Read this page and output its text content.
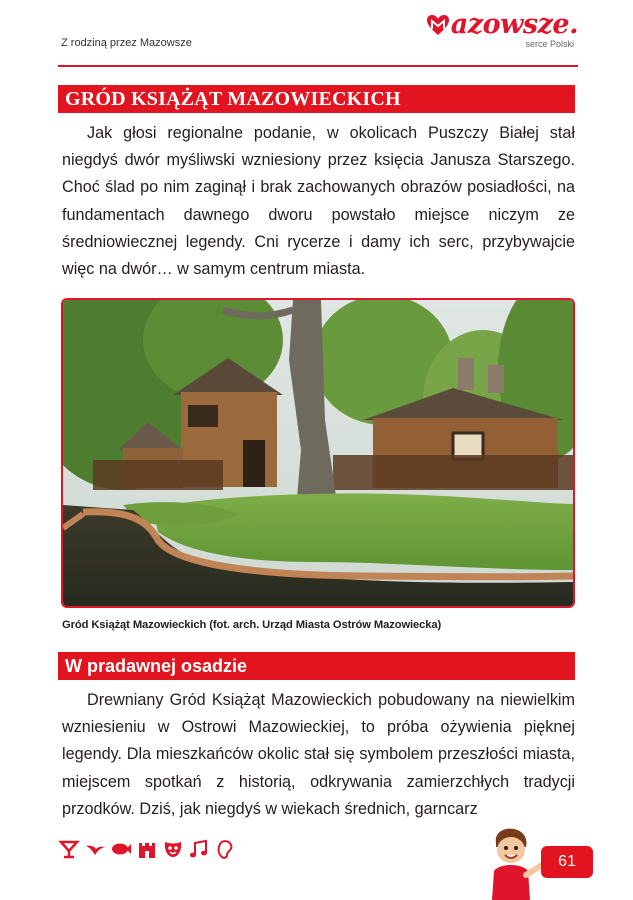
Z rodziną przez Mazowsze
azowsze.
serce Polski
GRÓD KSIĄŻĄT MAZOWIECKICH

Jak głosi regionalne podanie, w okolicach Puszczy Białej stał niegdyś dwór myśliwski wzniesiony przez księcia Janusza Starszego. Choć ślad po nim zaginął i brak zachowanych obrazów posiadłości, na fundamentach dawnego dworu powstało miejsce niczym ze średniowiecznej legendy. Cni rycerze i damy ich serc, przybywajcie więc na dwór… w samym centrum miasta.

Gród Książąt Mazowieckich (fot. arch. Urząd Miasta Ostrów Mazowiecka)
W pradawnej osadzie

Drewniany Gród Książąt Mazowieckich pobudowany na niewielkim wzniesieniu w Ostrowi Mazowieckiej, to próba ożywienia pięknej legendy. Dla mieszkańców okolic stał się symbolem przeszłości miasta, miejscem spotkań z historią, odkrywania zamierzchłych tradycji przodków. Dziś, jak niegdyś w wiekach średnich, garncarz

61
